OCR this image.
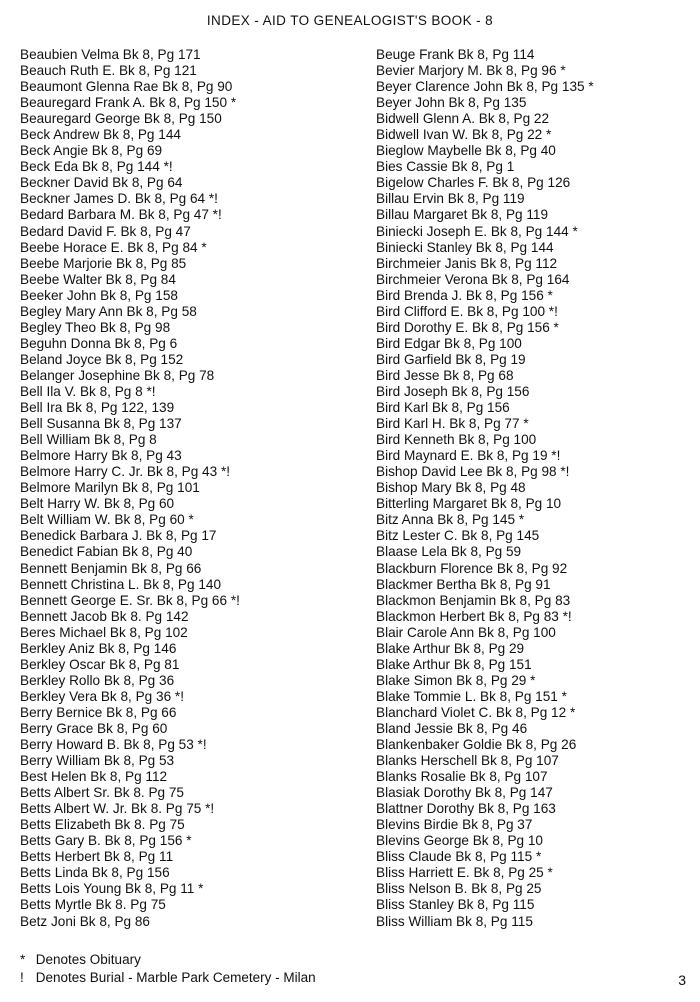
INDEX - AID TO GENEALOGIST'S BOOK - 8
Beaubien Velma Bk 8, Pg 171
Beauch Ruth E. Bk 8, Pg 121
Beaumont Glenna Rae Bk 8, Pg 90
Beauregard Frank A. Bk 8, Pg 150 *
Beauregard George Bk 8, Pg 150
Beck Andrew Bk 8, Pg 144
Beck Angie Bk 8, Pg 69
Beck Eda Bk 8, Pg 144 *!
Beckner David Bk 8, Pg 64
Beckner James D. Bk 8, Pg 64 *!
Bedard Barbara M. Bk 8, Pg 47 *!
Bedard David F. Bk 8, Pg 47
Beebe Horace E. Bk 8, Pg 84 *
Beebe Marjorie Bk 8, Pg 85
Beebe Walter Bk 8, Pg 84
Beeker John Bk 8, Pg 158
Begley Mary Ann Bk 8, Pg 58
Begley Theo Bk 8, Pg 98
Beguhn Donna Bk 8, Pg 6
Beland Joyce Bk 8, Pg 152
Belanger Josephine Bk 8, Pg 78
Bell Ila V. Bk 8, Pg 8 *!
Bell Ira Bk 8, Pg 122, 139
Bell Susanna Bk 8, Pg 137
Bell William Bk 8, Pg 8
Belmore Harry Bk 8, Pg 43
Belmore Harry C. Jr. Bk 8, Pg 43 *!
Belmore Marilyn Bk 8, Pg 101
Belt Harry W. Bk 8, Pg 60
Belt William W. Bk 8, Pg 60 *
Benedick Barbara J. Bk 8, Pg 17
Benedict Fabian Bk 8, Pg 40
Bennett Benjamin Bk 8, Pg 66
Bennett Christina L. Bk 8, Pg 140
Bennett George E. Sr. Bk 8, Pg 66 *!
Bennett Jacob Bk 8. Pg 142
Beres Michael Bk 8, Pg 102
Berkley Aniz Bk 8, Pg 146
Berkley Oscar Bk 8, Pg 81
Berkley Rollo Bk 8, Pg 36
Berkley Vera Bk 8, Pg 36 *!
Berry Bernice Bk 8, Pg 66
Berry Grace Bk 8, Pg 60
Berry Howard B. Bk 8, Pg 53 *!
Berry William Bk 8, Pg 53
Best Helen Bk 8, Pg 112
Betts Albert Sr. Bk 8. Pg 75
Betts Albert W. Jr. Bk 8. Pg 75 *!
Betts Elizabeth Bk 8. Pg 75
Betts Gary B. Bk 8, Pg 156 *
Betts Herbert Bk 8, Pg 11
Betts Linda Bk 8, Pg 156
Betts Lois Young Bk 8, Pg 11 *
Betts Myrtle Bk 8. Pg 75
Betz Joni Bk 8, Pg 86
Beuge Frank Bk 8, Pg 114
Bevier Marjory M. Bk 8, Pg 96 *
Beyer Clarence John Bk 8, Pg 135 *
Beyer John Bk 8, Pg 135
Bidwell Glenn A. Bk 8, Pg 22
Bidwell Ivan W. Bk 8, Pg 22 *
Bieglow Maybelle Bk 8, Pg 40
Bies Cassie Bk 8, Pg 1
Bigelow Charles F. Bk 8, Pg 126
Billau Ervin Bk 8, Pg 119
Billau Margaret Bk 8, Pg 119
Biniecki Joseph E. Bk 8, Pg 144 *
Biniecki Stanley Bk 8, Pg 144
Birchmeier Janis Bk 8, Pg 112
Birchmeier Verona Bk 8, Pg 164
Bird Brenda J. Bk 8, Pg 156 *
Bird Clifford E. Bk 8, Pg 100 *!
Bird Dorothy E. Bk 8, Pg 156 *
Bird Edgar Bk 8, Pg 100
Bird Garfield Bk 8, Pg 19
Bird Jesse Bk 8, Pg 68
Bird Joseph Bk 8, Pg 156
Bird Karl Bk 8, Pg 156
Bird Karl H. Bk 8, Pg 77 *
Bird Kenneth Bk 8, Pg 100
Bird Maynard E. Bk 8, Pg 19 *!
Bishop David Lee Bk 8, Pg 98 *!
Bishop Mary Bk 8, Pg 48
Bitterling Margaret Bk 8, Pg 10
Bitz Anna Bk 8, Pg 145 *
Bitz Lester C. Bk 8, Pg 145
Blaase Lela Bk 8, Pg 59
Blackburn Florence Bk 8, Pg 92
Blackmer Bertha Bk 8, Pg 91
Blackmon Benjamin Bk 8, Pg 83
Blackmon Herbert Bk 8, Pg 83 *!
Blair Carole Ann Bk 8, Pg 100
Blake Arthur Bk 8, Pg 29
Blake Arthur Bk 8, Pg 151
Blake Simon Bk 8, Pg 29 *
Blake Tommie L. Bk 8, Pg 151 *
Blanchard Violet C. Bk 8, Pg 12 *
Bland Jessie Bk 8, Pg 46
Blankenbaker Goldie Bk 8, Pg 26
Blanks Herschell Bk 8, Pg 107
Blanks Rosalie Bk 8, Pg 107
Blasiak Dorothy Bk 8, Pg 147
Blattner Dorothy Bk 8, Pg 163
Blevins Birdie Bk 8, Pg 37
Blevins George Bk 8, Pg 10
Bliss Claude Bk 8, Pg 115 *
Bliss Harriett E. Bk 8, Pg 25 *
Bliss Nelson B. Bk 8, Pg 25
Bliss Stanley Bk 8, Pg 115
Bliss William Bk 8, Pg 115
* Denotes Obituary
! Denotes Burial - Marble Park Cemetery - Milan	3
